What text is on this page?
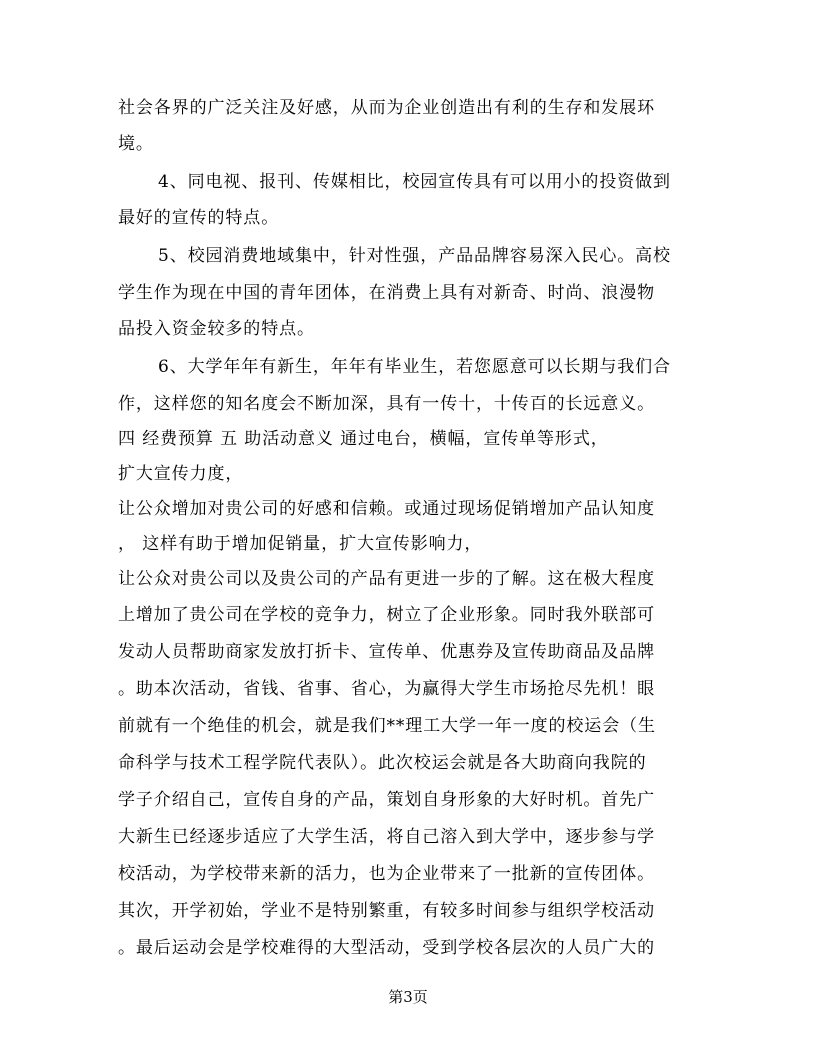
社会各界的广泛关注及好感，从而为企业创造出有利的生存和发展环
境。
4、同电视、报刊、传媒相比，校园宣传具有可以用小的投资做到
最好的宣传的特点。
5、校园消费地域集中，针对性强，产品品牌容易深入民心。高校
学生作为现在中国的青年团体，在消费上具有对新奇、时尚、浪漫物
品投入资金较多的特点。
6、大学年年有新生，年年有毕业生，若您愿意可以长期与我们合
作，这样您的知名度会不断加深，具有一传十，十传百的长远意义。
四 经费预算 五 助活动意义 通过电台，横幅，宣传单等形式，
扩大宣传力度，
让公众增加对贵公司的好感和信赖。或通过现场促销增加产品认知度
， 这样有助于增加促销量，扩大宣传影响力，
让公众对贵公司以及贵公司的产品有更进一步的了解。这在极大程度
上增加了贵公司在学校的竞争力，树立了企业形象。同时我外联部可
发动人员帮助商家发放打折卡、宣传单、优惠券及宣传助商品及品牌
。助本次活动，省钱、省事、省心，为赢得大学生市场抢尽先机！眼
前就有一个绝佳的机会，就是我们**理工大学一年一度的校运会（生
命科学与技术工程学院代表队）。此次校运会就是各大助商向我院的
学子介绍自己，宣传自身的产品，策划自身形象的大好时机。首先广
大新生已经逐步适应了大学生活，将自己溶入到大学中，逐步参与学
校活动，为学校带来新的活力，也为企业带来了一批新的宣传团体。
其次，开学初始，学业不是特别繁重，有较多时间参与组织学校活动
。最后运动会是学校难得的大型活动，受到学校各层次的人员广大的
第3页
